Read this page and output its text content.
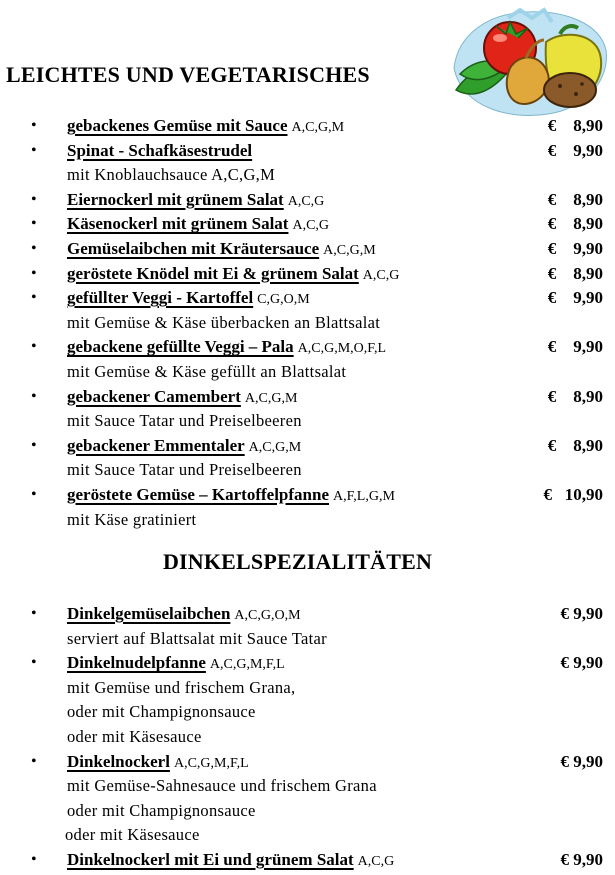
LEICHTES UND VEGETARISCHES
• gebackenes Gemüse mit Sauce A,C,G,M	€    8,90
• Spinat - Schafkäsestrudel	€    9,90
mit Knoblauchsauce A,C,G,M
• Eiernockerl mit grünem Salat A,C,G	€    8,90
• Käsenockerl mit grünem Salat A,C,G	€    8,90
• Gemüselaibchen mit Kräutersauce A,C,G,M	€    9,90
• geröstete Knödel mit Ei & grünem Salat A,C,G	€    8,90
• gefüllter Veggi - Kartoffel C,G,O,M	€    9,90
mit Gemüse & Käse überbacken an Blattsalat
• gebackene gefüllte Veggi – Pala A,C,G,M,O,F,L	€    9,90
mit Gemüse & Käse gefüllt an Blattsalat
• gebackener Camembert A,C,G,M	€    8,90
mit Sauce Tatar und Preiselbeeren
• gebackener Emmentaler A,C,G,M	€    8,90
mit Sauce Tatar und Preiselbeeren
• geröstete Gemüse – Kartoffelpfanne A,F,L,G,M	€   10,90
mit Käse gratiniert
DINKELSPEZIALITÄTEN
• Dinkelgemüselaibchen A,C,G,O,M	€ 9,90
serviert auf Blattsalat mit Sauce Tatar
• Dinkelnudelpfanne A,C,G,M,F,L	€ 9,90
mit Gemüse und frischem Grana,
oder mit Champignonsauce
oder mit Käsesauce
• Dinkelnockerl A,C,G,M,F,L	€ 9,90
mit Gemüse-Sahnesauce und frischem Grana
oder mit Champignonsauce
oder mit Käsesauce
• Dinkelnockerl mit Ei und grünem Salat A,C,G	€ 9,90
